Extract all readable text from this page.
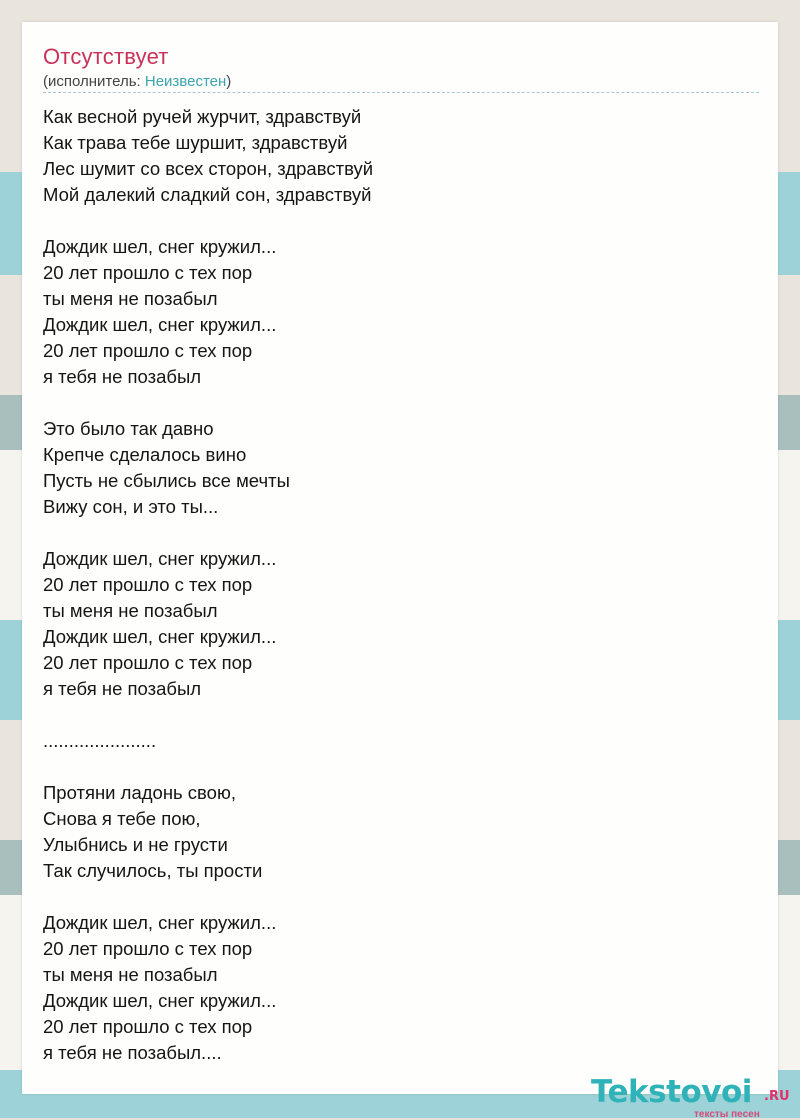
Отсутствует
(исполнитель: Неизвестен)
Как весной ручей журчит, здравствуй
Как трава тебе шуршит, здравствуй
Лес шумит со всех сторон, здравствуй
Мой далекий сладкий сон, здравствуй
Дождик шел, снег кружил...
20 лет прошло с тех пор
ты меня не позабыл
Дождик шел, снег кружил...
20 лет прошло с тех пор
я тебя не позабыл
Это было так давно
Крепче сделалось вино
Пусть не сбылись все мечты
Вижу сон, и это ты...
Дождик шел, снег кружил...
20 лет прошло с тех пор
ты меня не позабыл
Дождик шел, снег кружил...
20 лет прошло с тех пор
я тебя не позабыл
......................
Протяни ладонь свою,
Снова я тебе пою,
Улыбнись и не грусти
Так случилось, ты прости
Дождик шел, снег кружил...
20 лет прошло с тех пор
ты меня не позабыл
Дождик шел, снег кружил...
20 лет прошло с тех пор
я тебя не позабыл....
Tekstovoi .RU
тексты песен
